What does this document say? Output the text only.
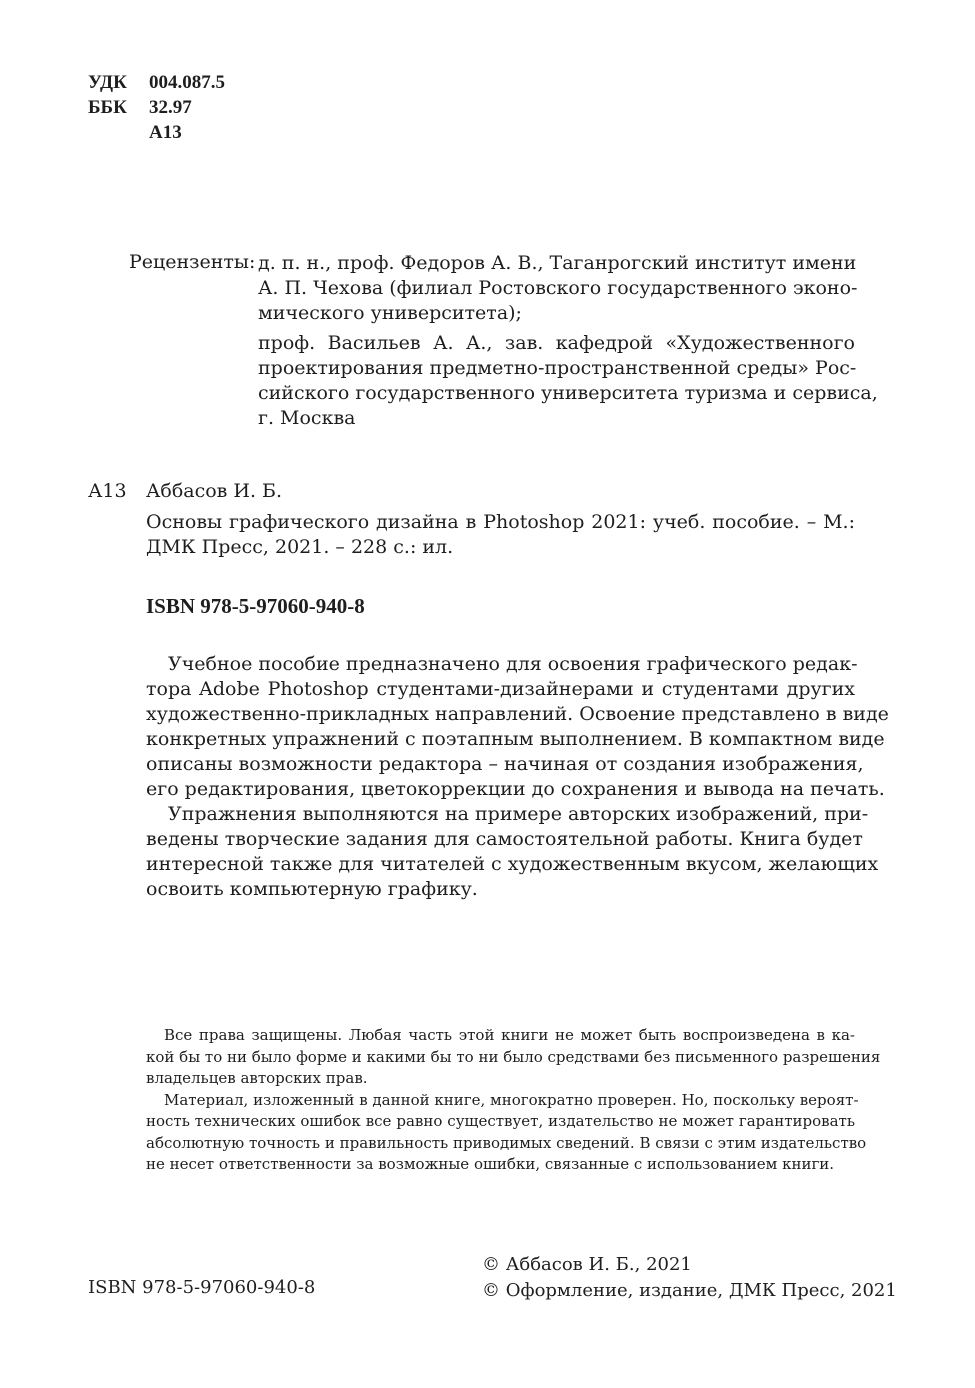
УДК	004.087.5
ББК	32.97
А13
Рецензенты: д. п. н., проф. Федоров А. В., Таганрогский институт имени
А. П. Чехова (филиал Ростовского государственного эконо-
мического университета);
проф. Васильев А. А., зав. кафедрой «Художественного
проектирования предметно-пространственной среды» Рос-
сийского государственного университета туризма и сервиса,
г. Москва
А13 Аббасов И. Б.
Основы графического дизайна в Photoshop 2021: учеб. пособие. – М.:
ДМК Пресс, 2021. – 228 с.: ил.
ISBN 978-5-97060-940-8
Учебное пособие предназначено для освоения графического редак-
тора Adobe Photoshop студентами-дизайнерами и студентами других
художественно-прикладных направлений. Освоение представлено в виде
конкретных упражнений с поэтапным выполнением. В компактном виде
описаны возможности редактора – начиная от создания изображения,
его редактирования, цветокоррекции до сохранения и вывода на печать.
Упражнения выполняются на примере авторских изображений, при-
ведены творческие задания для самостоятельной работы. Книга будет
интересной также для читателей с художественным вкусом, желающих
освоить компьютерную графику.
Все права защищены. Любая часть этой книги не может быть воспроизведена в ка-
кой бы то ни было форме и какими бы то ни было средствами без письменного разрешения
владельцев авторских прав.
Материал, изложенный в данной книге, многократно проверен. Но, поскольку вероят-
ность технических ошибок все равно существует, издательство не может гарантировать
абсолютную точность и правильность приводимых сведений. В связи с этим издательство
не несет ответственности за возможные ошибки, связанные с использованием книги.
ISBN 978-5-97060-940-8
© Аббасов И. Б., 2021
© Оформление, издание, ДМК Пресс, 2021
